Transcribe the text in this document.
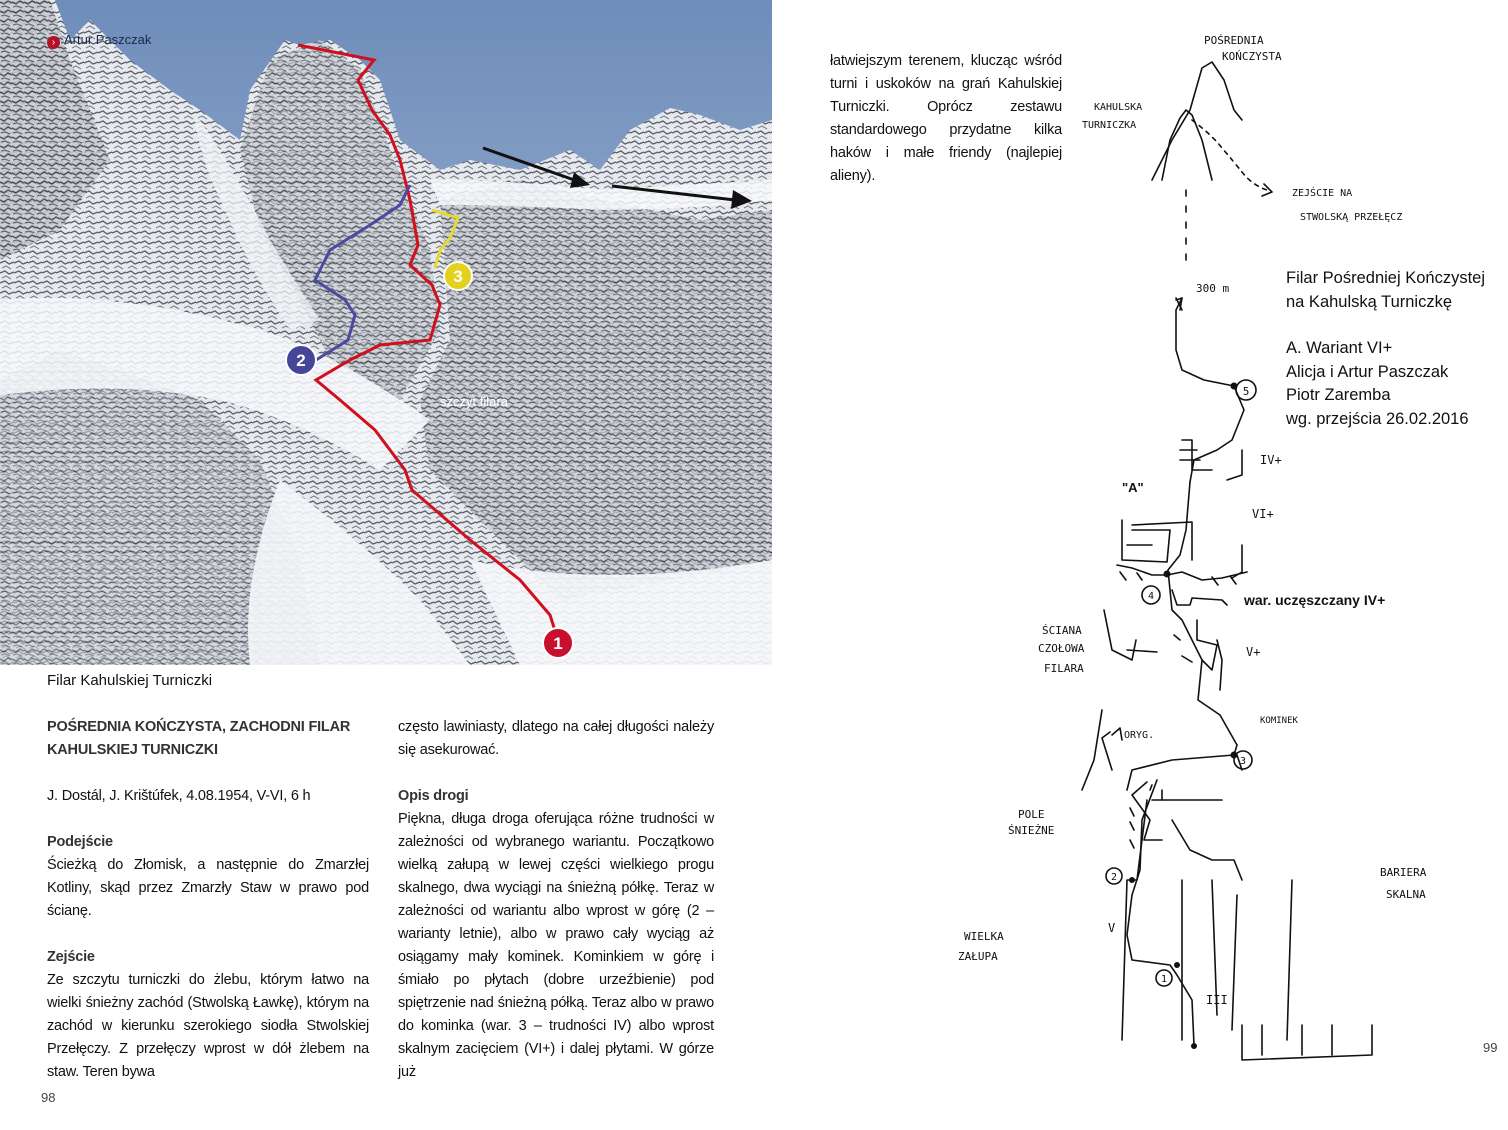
1
2
3
szczyt filara
› Artur Paszczak
Filar Kahulskiej Turniczki

POŚREDNIA KOŃCZYSTA, ZACHODNI FILAR

KAHULSKIEJ TURNICZKI

J. Dostál, J. Krištúfek, 4.08.1954, V-VI, 6 h

Podejście

Ścieżką do Złomisk, a następnie do Zmarzłej Kotliny, skąd przez Zmarzły Staw w prawo pod ścianę.

Zejście

Ze szczytu turniczki do żlebu, którym łatwo na wielki śnieżny zachód (Stwolską Ławkę), którym na zachód w kierunku szerokiego siodła Stwolskiej Przełęczy. Z przełęczy wprost w dół żlebem na staw. Teren bywa

często lawiniasty, dlatego na całej długości należy się asekurować.

Opis drogi

Piękna, długa droga oferująca różne trudności w zależności od wybranego wariantu. Początkowo wielką załupą w lewej części wielkiego progu skalnego, dwa wyciągi na śnieżną półkę. Teraz w zależności od wariantu albo wprost w górę (2 – warianty letnie), albo w prawo cały wyciąg aż osiągamy mały kominek. Kominkiem w górę i śmiało po płytach (dobre urzeźbienie) pod spiętrzenie nad śnieżną półką. Teraz albo w prawo do kominka (war. 3 – trudności IV) albo wprost skalnym zacięciem (VI+) i dalej płytami. W górze już

98
łatwiejszym terenem, klucząc wśród turni i uskoków na grań Kahulskiej Turniczki. Oprócz zestawu standardowego przydatne kilka haków i małe friendy (najlepiej alieny).
5
4
3
2
1
POŚREDNIA
KOŃCZYSTA
KAHULSKA
TURNICZKA
ZEJŚCIE NA
STWOLSKĄ PRZEŁĘCZ
300 m
IV+
"A"
VI+
war. uczęszczany IV+
ŚCIANA
CZOŁOWA
FILARA
V+
KOMINEK
ORYG.
POLE
ŚNIEŻNE
BARIERA
SKALNA
WIELKA
ZAŁUPA
V
III
Filar Pośredniej Kończystej
na Kahulską Turniczkę
A. Wariant VI+
Alicja i Artur Paszczak
Piotr Zaremba
wg. przejścia 26.02.2016
99
